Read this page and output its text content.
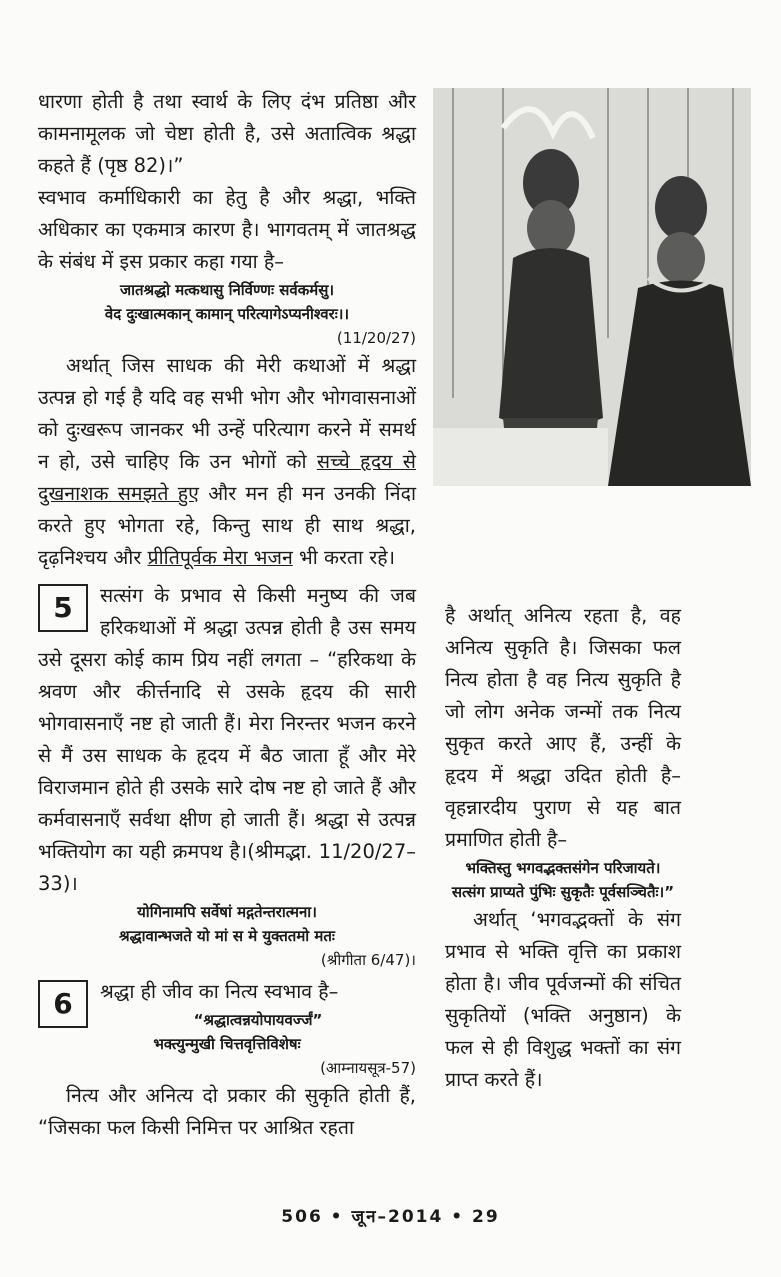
धारणा होती है तथा स्वार्थ के लिए दंभ प्रतिष्ठा और कामनामूलक जो चेष्टा होती है, उसे अतात्विक श्रद्धा कहते हैं (पृष्ठ 82)।”

स्वभाव कर्माधिकारी का हेतु है और श्रद्धा, भक्ति अधिकार का एकमात्र कारण है। भागवतम् में जातश्रद्ध के संबंध में इस प्रकार कहा गया है–

जातश्रद्धो मत्कथासु निर्विण्णः सर्वकर्मसु।

वेद दुःखात्मकान् कामान् परित्यागेऽप्यनीश्वरः।।

(11/20/27)

अर्थात् जिस साधक की मेरी कथाओं में श्रद्धा उत्पन्न हो गई है यदि वह सभी भोग और भोगवासनाओं को दुःखरूप जानकर भी उन्हें परित्याग करने में समर्थ न हो, उसे चाहिए कि उन भोगों को सच्चे हृदय से दुखनाशक समझते हुए और मन ही मन उनकी निंदा करते हुए भोगता रहे, किन्तु साथ ही साथ श्रद्धा, दृढ़निश्चय और प्रीतिपूर्वक मेरा भजन भी करता रहे।

5	सत्संग के प्रभाव से किसी मनुष्य की जब हरिकथाओं में श्रद्धा उत्पन्न होती है उस समय उसे दूसरा कोई काम प्रिय नहीं लगता – “हरिकथा के श्रवण और कीर्त्तनादि से उसके हृदय की सारी भोगवासनाएँ नष्ट हो जाती हैं। मेरा निरन्तर भजन करने से मैं उस साधक के हृदय में बैठ जाता हूँ और मेरे विराजमान होते ही उसके सारे दोष नष्ट हो जाते हैं और कर्मवासनाएँ सर्वथा क्षीण हो जाती हैं। श्रद्धा से उत्पन्न भक्तियोग का यही क्रमपथ है।(श्रीमद्भा. 11/20/27–33)।

योगिनामपि सर्वेषां मद्गतेन्तरात्मना।

श्रद्धावान्भजते यो मां स मे युक्ततमो मतः

(श्रीगीता 6/47)।

6	श्रद्धा ही जीव का नित्य स्वभाव है–

“श्रद्धात्वन्नयोपायवर्ज्जं”

भक्त्युन्मुखी चित्तवृत्तिविशेषः

(आम्नायसूत्र-57)

नित्य और अनित्य दो प्रकार की सुकृति होती हैं, “जिसका फल किसी निमित्त पर आश्रित रहता

है अर्थात् अनित्य रहता है, वह अनित्य सुकृति है। जिसका फल नित्य होता है वह नित्य सुकृति है जो लोग अनेक जन्मों तक नित्य सुकृत करते आए हैं, उन्हीं के हृदय में श्रद्धा उदित होती है– वृहन्नारदीय पुराण से यह बात प्रमाणित होती है–

भक्तिस्तु भगवद्भक्तसंगेन परिजायते।

सत्संग प्राप्यते पुंभिः सुकृतैः पूर्वसञ्चितैः।”

अर्थात् ‘भगवद्भक्तों के संग प्रभाव से भक्ति वृत्ति का प्रकाश होता है। जीव पूर्वजन्मों की संचित सुकृतियों (भक्ति अनुष्ठान) के फल से ही विशुद्ध भक्तों का संग प्राप्त करते हैं।

506 • जून–2014 • 29
